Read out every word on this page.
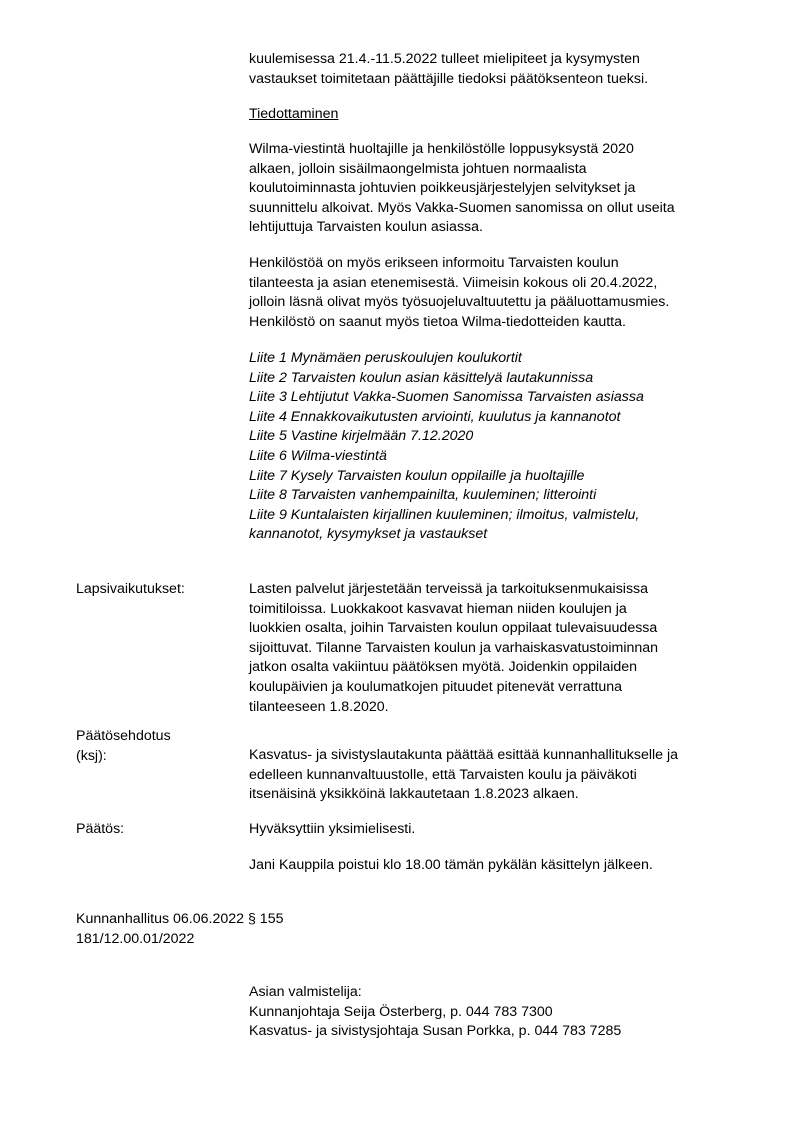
kuulemisessa 21.4.-11.5.2022 tulleet mielipiteet ja kysymysten
vastaukset toimitetaan päättäjille tiedoksi päätöksenteon tueksi.
Tiedottaminen
Wilma-viestintä huoltajille ja henkilöstölle loppusyksystä 2020
alkaen, jolloin sisäilmaongelmista johtuen normaalista
koulutoiminnasta johtuvien poikkeusjärjestelyjen selvitykset ja
suunnittelu alkoivat. Myös Vakka-Suomen sanomissa on ollut useita
lehtijuttuja Tarvaisten koulun asiassa.
Henkilöstöä on myös erikseen informoitu Tarvaisten koulun
tilanteesta ja asian etenemisestä. Viimeisin kokous oli 20.4.2022,
jolloin läsnä olivat myös työsuojeluvaltuutettu ja pääluottamusmies.
Henkilöstö on saanut myös tietoa Wilma-tiedotteiden kautta.
Liite 1 Mynämäen peruskoulujen koulukortit
Liite 2 Tarvaisten koulun asian käsittelyä lautakunnissa
Liite 3 Lehtijutut Vakka-Suomen Sanomissa Tarvaisten asiassa
Liite 4 Ennakkovaikutusten arviointi, kuulutus ja kannanotot
Liite 5 Vastine kirjelmään 7.12.2020
Liite 6 Wilma-viestintä
Liite 7 Kysely Tarvaisten koulun oppilaille ja huoltajille
Liite 8 Tarvaisten vanhempainilta, kuuleminen; litterointi
Liite 9 Kuntalaisten kirjallinen kuuleminen; ilmoitus, valmistelu,
kannanotot, kysymykset ja vastaukset
Lapsivaikutukset:	Lasten palvelut järjestetään terveissä ja tarkoituksenmukaisissa
toimitiloissa. Luokkakoot kasvavat hieman niiden koulujen ja
luokkien osalta, joihin Tarvaisten koulun oppilaat tulevaisuudessa
sijoittuvat. Tilanne Tarvaisten koulun ja varhaiskasvatustoiminnan
jatkon osalta vakiintuu päätöksen myötä. Joidenkin oppilaiden
koulupäivien ja koulumatkojen pituudet pitenevät verrattuna
tilanteeseen 1.8.2020.
Päätösehdotus
(ksj):	Kasvatus- ja sivistyslautakunta päättää esittää kunnanhallitukselle ja
edelleen kunnanvaltuustolle, että Tarvaisten koulu ja päiväkoti
itsenäisinä yksikköinä lakkautetaan 1.8.2023 alkaen.
Päätös:	Hyväksyttiin yksimielisesti.
Jani Kauppila poistui klo 18.00 tämän pykälän käsittelyn jälkeen.
Kunnanhallitus 06.06.2022 § 155
181/12.00.01/2022
Asian valmistelija:
Kunnanjohtaja Seija Österberg, p. 044 783 7300
Kasvatus- ja sivistysjohtaja Susan Porkka, p. 044 783 7285
